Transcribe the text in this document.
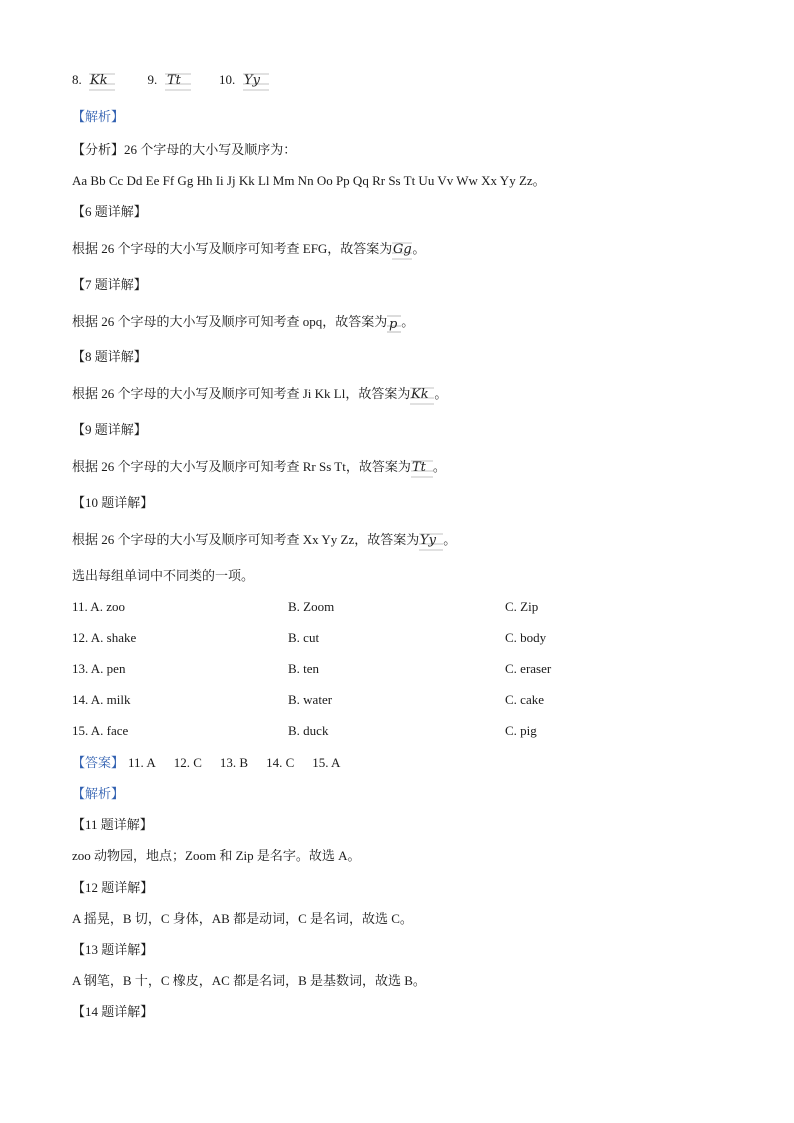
8. Kk	9. Tt	10. Yy
【解析】
【分析】26 个字母的大小写及顺序为：
Aa Bb Cc Dd Ee Ff Gg Hh Ii Jj Kk Ll Mm Nn Oo Pp Qq Rr Ss Tt Uu Vv Ww Xx Yy Zz。
【6 题详解】
根据 26 个字母的大小写及顺序可知考查 EFG，故答案为 Gg 。
【7 题详解】
根据 26 个字母的大小写及顺序可知考查 opq，故答案为 p 。
【8 题详解】
根据 26 个字母的大小写及顺序可知考查 Ji Kk Ll，故答案为 Kk 。
【9 题详解】
根据 26 个字母的大小写及顺序可知考查 Rr Ss Tt，故答案为 Tt 。
【10 题详解】
根据 26 个字母的大小写及顺序可知考查 Xx Yy Zz，故答案为 Yy 。
选出每组单词中不同类的一项。
11. A. zoo	B. Zoom	C. Zip
12. A. shake	B. cut	C. body
13. A. pen	B. ten	C. eraser
14. A. milk	B. water	C. cake
15. A. face	B. duck	C. pig
【答案】 11. A 12. C 13. B 14. C 15. A
【解析】
【11 题详解】
zoo 动物园，地点；Zoom 和 Zip 是名字。故选 A。
【12 题详解】
A 摇晃，B 切，C 身体，AB 都是动词，C 是名词，故选 C。
【13 题详解】
A 钢笔，B 十，C 橡皮，AC 都是名词，B 是基数词，故选 B。
【14 题详解】
